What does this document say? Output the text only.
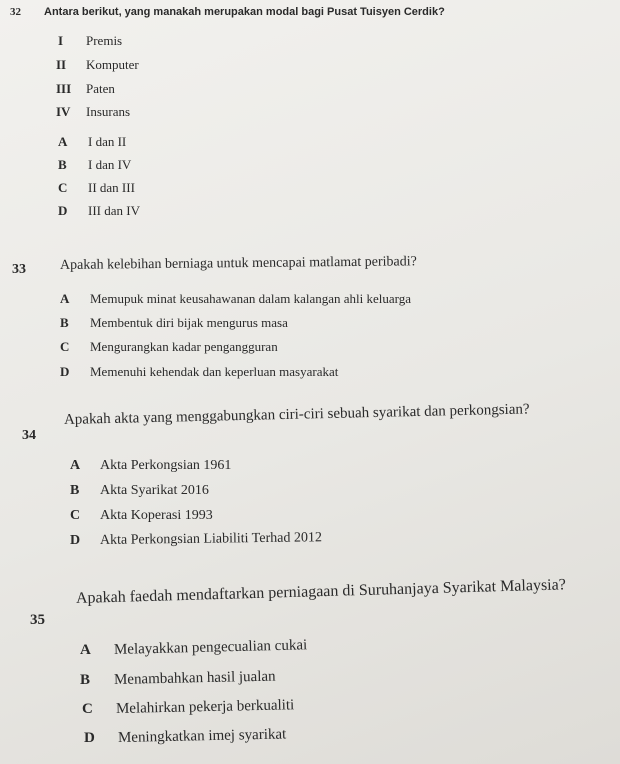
32 Antara berikut, yang manakah merupakan modal bagi Pusat Tuisyen Cerdik?
I Premis
II Komputer
III Paten
IV Insurans
A I dan II
B I dan IV
C II dan III
D III dan IV
33 Apakah kelebihan berniaga untuk mencapai matlamat peribadi?
A Memupuk minat keusahawanan dalam kalangan ahli keluarga
B Membentuk diri bijak mengurus masa
C Mengurangkan kadar pengangguran
D Memenuhi kehendak dan keperluan masyarakat
34
Apakah akta yang menggabungkan ciri-ciri sebuah syarikat dan perkongsian?
A Akta Perkongsian 1961
B Akta Syarikat 2016
C Akta Koperasi 1993
D Akta Perkongsian Liabiliti Terhad 2012
35
Apakah faedah mendaftarkan perniagaan di Suruhanjaya Syarikat Malaysia?
A Melayakkan pengecualian cukai
B Menambahkan hasil jualan
C Melahirkan pekerja berkualiti
D Meningkatkan imej syarikat
